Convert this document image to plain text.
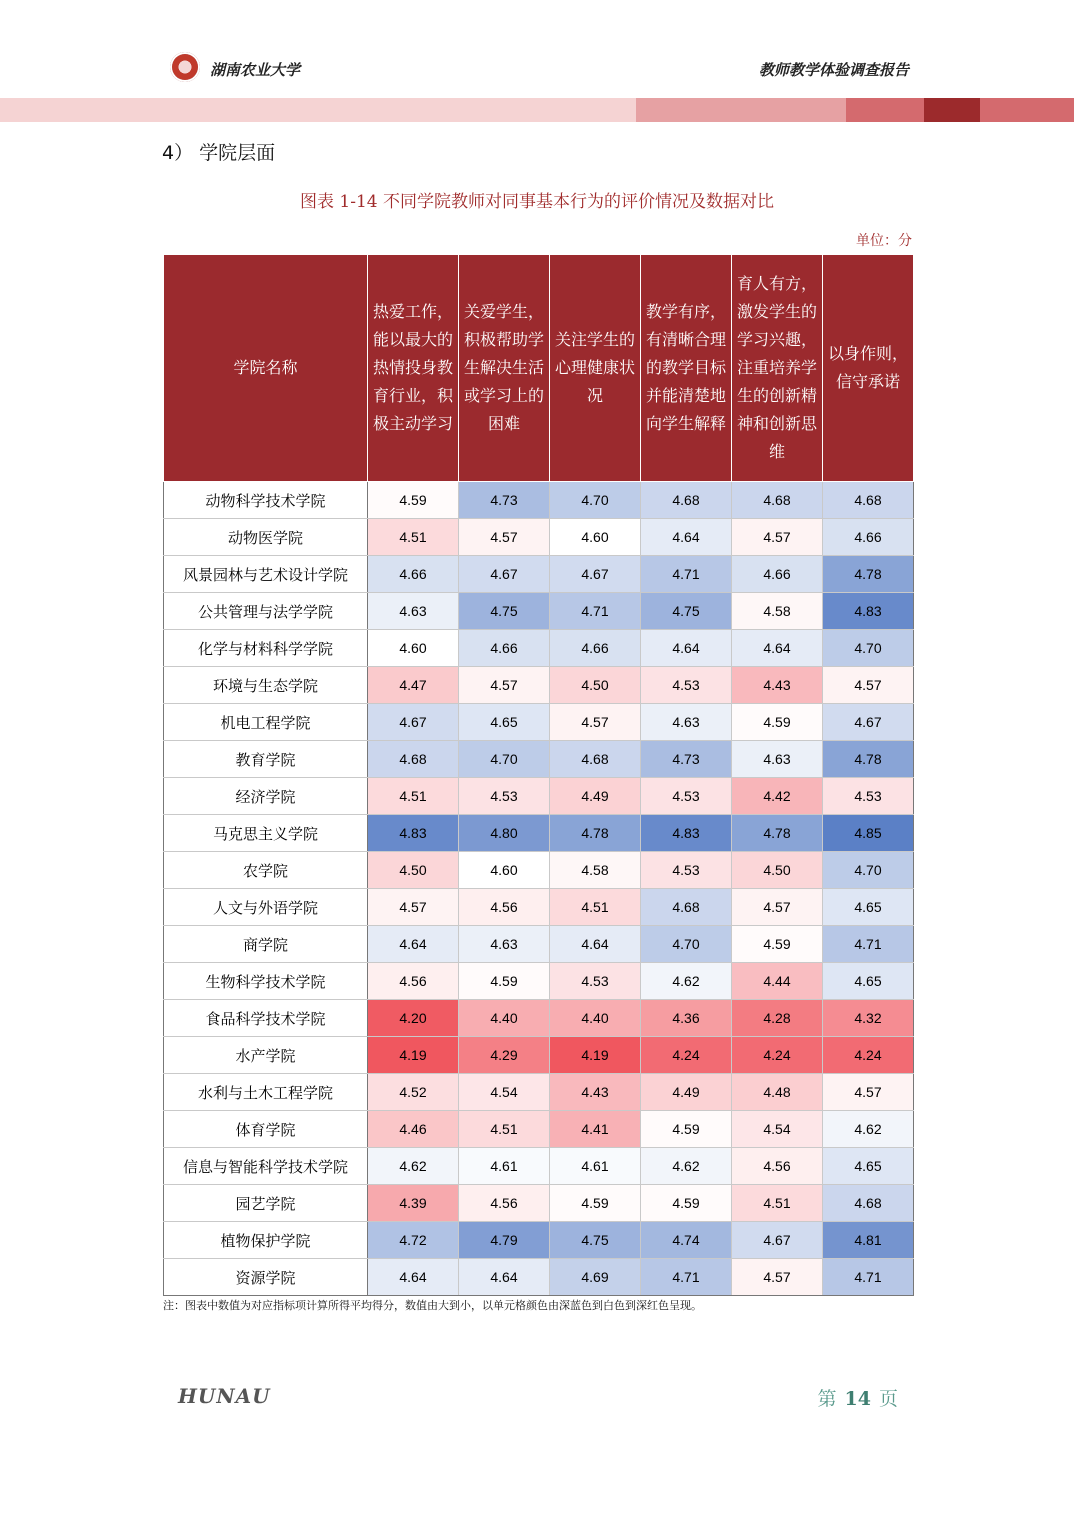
湖南农业大学	教师教学体验调查报告
4） 学院层面
图表 1-14 不同学院教师对同事基本行为的评价情况及数据对比
单位：分
学院名称	热爱工作，能以最大的热情投身教育行业，积极主动学习	关爱学生，积极帮助学生解决生活或学习上的困难	关注学生的心理健康状况	教学有序，有清晰合理的教学目标并能清楚地向学生解释	育人有方，激发学生的学习兴趣，注重培养学生的创新精神和创新思维	以身作则，信守承诺
动物科学技术学院	4.59	4.73	4.70	4.68	4.68	4.68
动物医学院	4.51	4.57	4.60	4.64	4.57	4.66
风景园林与艺术设计学院	4.66	4.67	4.67	4.71	4.66	4.78
公共管理与法学学院	4.63	4.75	4.71	4.75	4.58	4.83
化学与材料科学学院	4.60	4.66	4.66	4.64	4.64	4.70
环境与生态学院	4.47	4.57	4.50	4.53	4.43	4.57
机电工程学院	4.67	4.65	4.57	4.63	4.59	4.67
教育学院	4.68	4.70	4.68	4.73	4.63	4.78
经济学院	4.51	4.53	4.49	4.53	4.42	4.53
马克思主义学院	4.83	4.80	4.78	4.83	4.78	4.85
农学院	4.50	4.60	4.58	4.53	4.50	4.70
人文与外语学院	4.57	4.56	4.51	4.68	4.57	4.65
商学院	4.64	4.63	4.64	4.70	4.59	4.71
生物科学技术学院	4.56	4.59	4.53	4.62	4.44	4.65
食品科学技术学院	4.20	4.40	4.40	4.36	4.28	4.32
水产学院	4.19	4.29	4.19	4.24	4.24	4.24
水利与土木工程学院	4.52	4.54	4.43	4.49	4.48	4.57
体育学院	4.46	4.51	4.41	4.59	4.54	4.62
信息与智能科学技术学院	4.62	4.61	4.61	4.62	4.56	4.65
园艺学院	4.39	4.56	4.59	4.59	4.51	4.68
植物保护学院	4.72	4.79	4.75	4.74	4.67	4.81
资源学院	4.64	4.64	4.69	4.71	4.57	4.71
注：图表中数值为对应指标项计算所得平均得分，数值由大到小，以单元格颜色由深蓝色到白色到深红色呈现。
HUNAU	第 14 页
